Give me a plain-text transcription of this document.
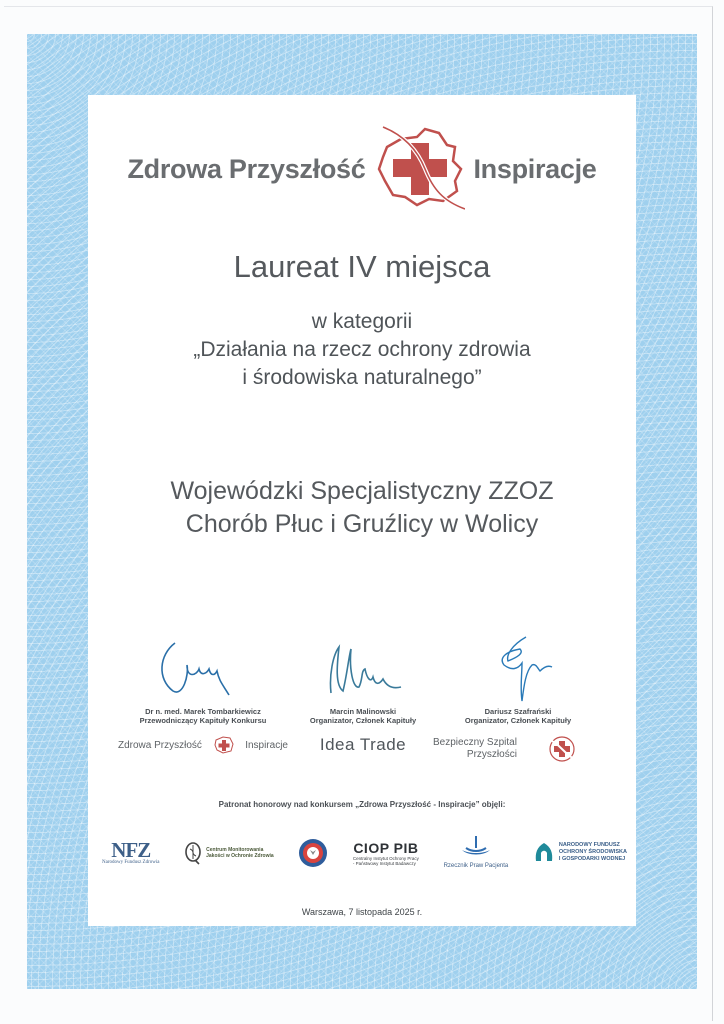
Zdrowa Przyszłość	Inspiracje
Laureat IV miejsca
w kategorii
„Działania na rzecz ochrony zdrowia
i środowiska naturalnego”
Wojewódzki Specjalistyczny ZZOZ
Chorób Płuc i Gruźlicy w Wolicy
Dr n. med. Marek Tombarkiewicz
Przewodniczący Kapituły Konkursu
Zdrowa Przyszłość	Inspiracje
Marcin Malinowski
Organizator, Członek Kapituły
Idea Trade
Dariusz Szafrański
Organizator, Członek Kapituły
Bezpieczny Szpital
Przyszłości
Patronat honorowy nad konkursem „Zdrowa Przyszłość - Inspiracje” objęli:
NFZ
Narodowy Fundusz Zdrowia
Centrum Monitorowania
Jakości w Ochronie Zdrowia	CIOP PIB
Centralny Instytut Ochrony Pracy
- Państwowy Instytut Badawczy	Rzecznik Praw Pacjenta
NARODOWY FUNDUSZ
OCHRONY ŚRODOWISKA
I GOSPODARKI WODNEJ
Warszawa, 7 listopada 2025 r.
